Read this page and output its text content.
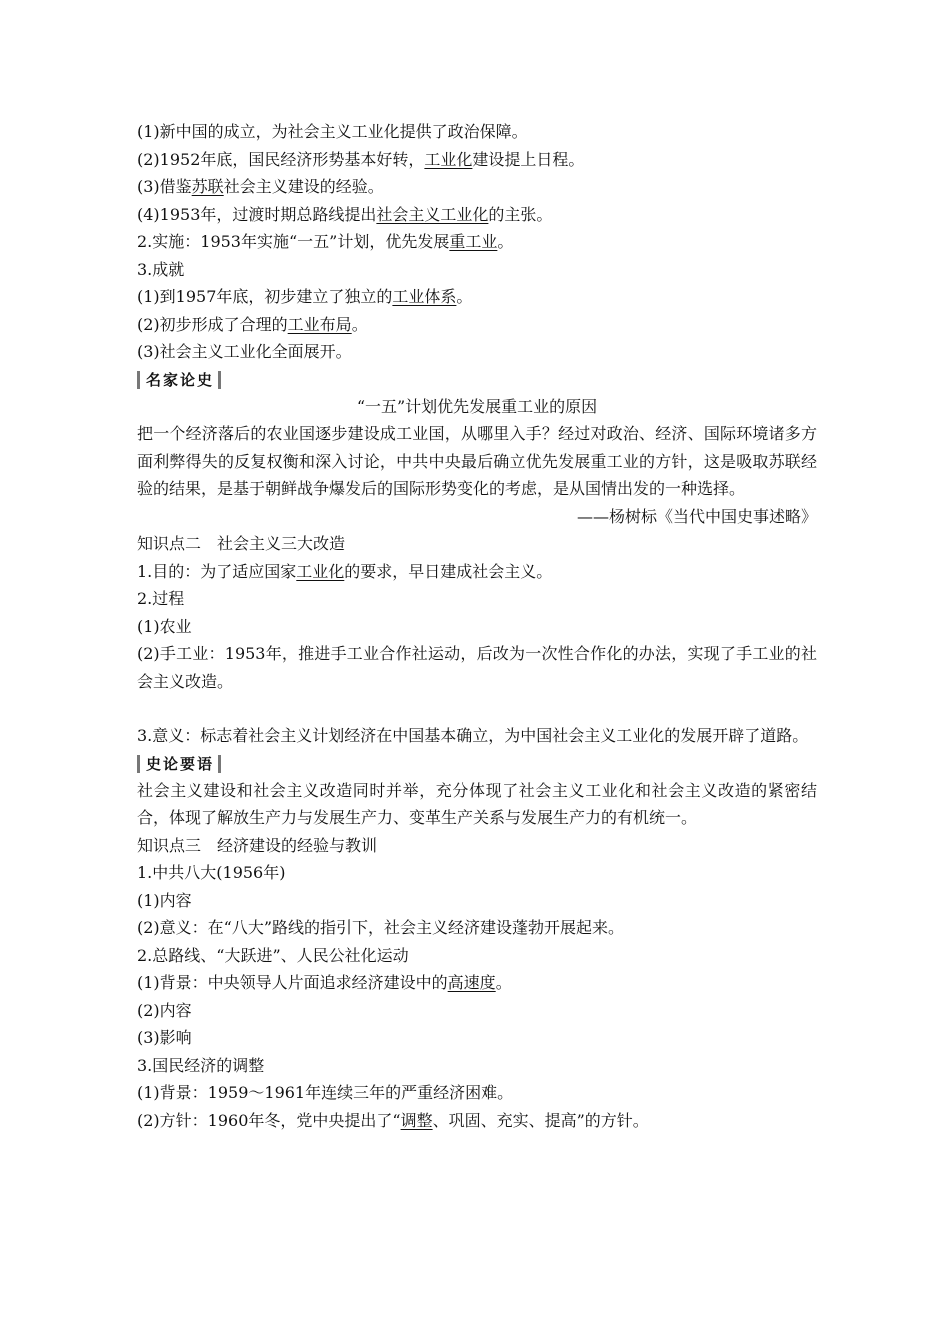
(1)新中国的成立，为社会主义工业化提供了政治保障。
(2)1952年底，国民经济形势基本好转，工业化建设提上日程。
(3)借鉴苏联社会主义建设的经验。
(4)1953年，过渡时期总路线提出社会主义工业化的主张。
2.实施：1953年实施“一五”计划，优先发展重工业。
3.成就
(1)到1957年底，初步建立了独立的工业体系。
(2)初步形成了合理的工业布局。
(3)社会主义工业化全面展开。
名家论史
“一五”计划优先发展重工业的原因
把一个经济落后的农业国逐步建设成工业国，从哪里入手？经过对政治、经济、国际环境诸多方面利弊得失的反复权衡和深入讨论，中共中央最后确立优先发展重工业的方针，这是吸取苏联经验的结果，是基于朝鲜战争爆发后的国际形势变化的考虑，是从国情出发的一种选择。
——杨树标《当代中国史事述略》
知识点二　社会主义三大改造
1.目的：为了适应国家工业化的要求，早日建成社会主义。
2.过程
(1)农业
(2)手工业：1953年，推进手工业合作社运动，后改为一次性合作化的办法，实现了手工业的社会主义改造。
3.意义：标志着社会主义计划经济在中国基本确立，为中国社会主义工业化的发展开辟了道路。
史论要语
社会主义建设和社会主义改造同时并举，充分体现了社会主义工业化和社会主义改造的紧密结合，体现了解放生产力与发展生产力、变革生产关系与发展生产力的有机统一。
知识点三　经济建设的经验与教训
1.中共八大(1956年)
(1)内容
(2)意义：在“八大”路线的指引下，社会主义经济建设蓬勃开展起来。
2.总路线、“大跃进”、人民公社化运动
(1)背景：中央领导人片面追求经济建设中的高速度。
(2)内容
(3)影响
3.国民经济的调整
(1)背景：1959～1961年连续三年的严重经济困难。
(2)方针：1960年冬，党中央提出了“调整、巩固、充实、提高”的方针。
